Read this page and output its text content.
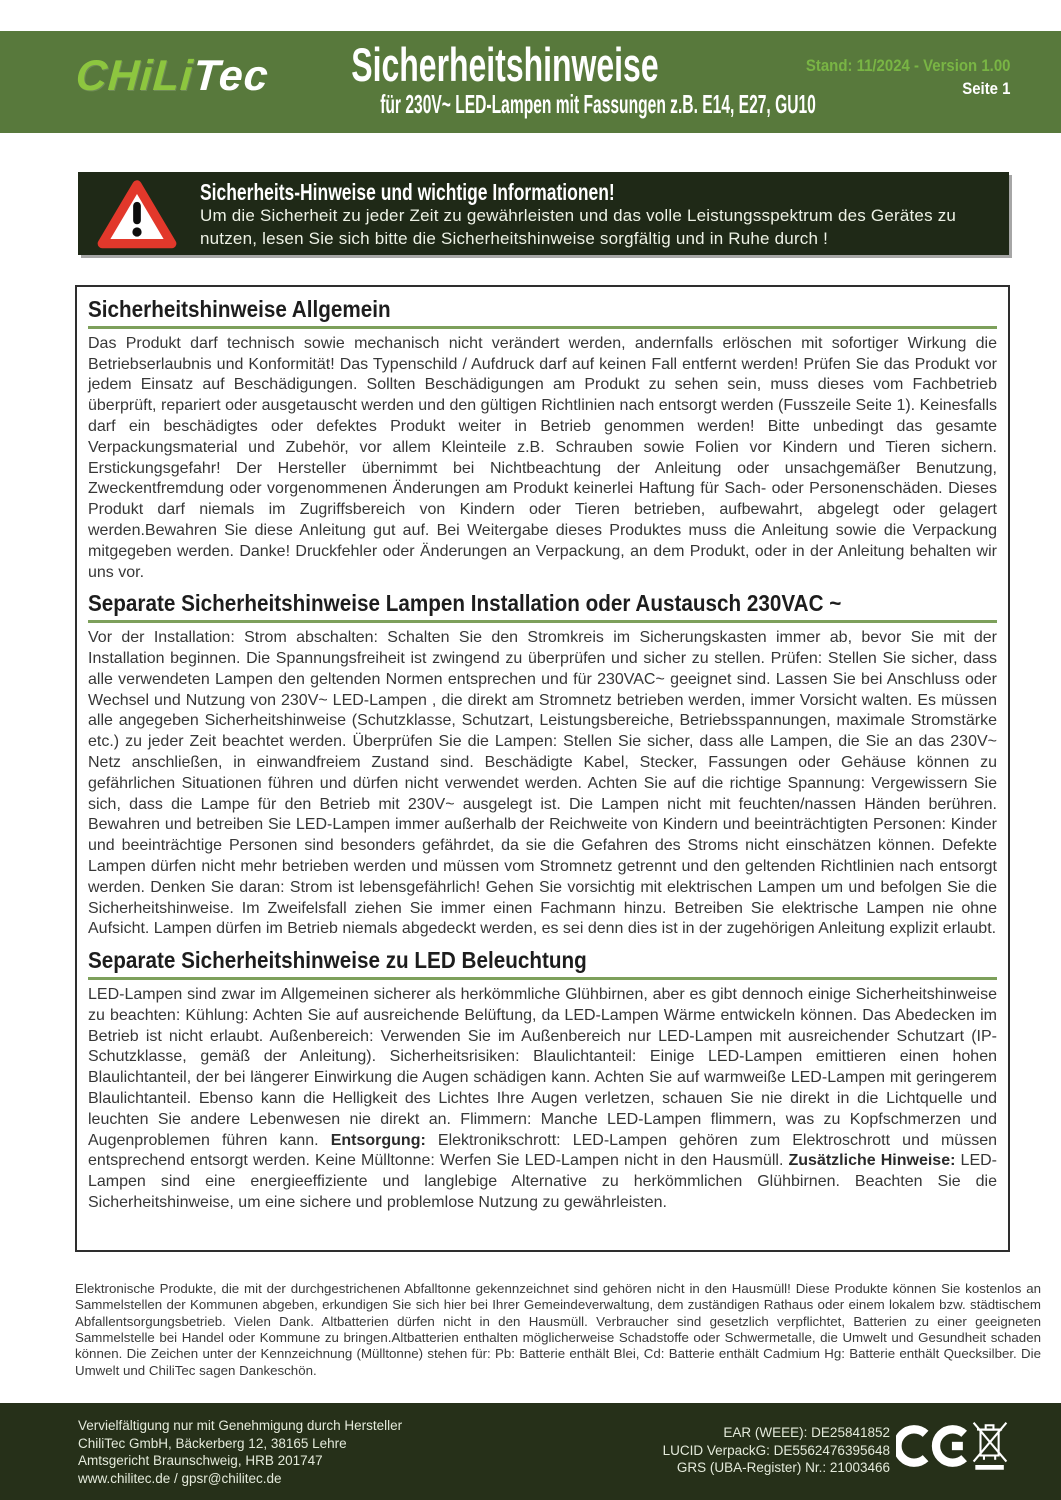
CHiLiTec	Sicherheitshinweise
für 230V~ LED-Lampen mit Fassungen z.B. E14, E27, GU10
Stand: 11/2024 - Version 1.00
Seite 1
Sicherheits-Hinweise und wichtige Informationen!
Um die Sicherheit zu jeder Zeit zu gewährleisten und das volle Leistungsspektrum des Gerätes zu nutzen, lesen Sie sich bitte die Sicherheitshinweise sorgfältig und in Ruhe durch !
Sicherheitshinweise Allgemein

Das Produkt darf technisch sowie mechanisch nicht verändert werden, andernfalls erlöschen mit sofortiger Wirkung die Betriebserlaubnis und Konformität! Das Typenschild / Aufdruck darf auf keinen Fall entfernt werden! Prüfen Sie das Produkt vor jedem Einsatz auf Beschädigungen. Sollten Beschädigungen am Produkt zu sehen sein, muss dieses vom Fachbetrieb überprüft, repariert oder ausgetauscht werden und den gültigen Richtlinien nach entsorgt werden (Fusszeile Seite 1). Keinesfalls darf ein beschädigtes oder defektes Produkt weiter in Betrieb genommen werden! Bitte unbedingt das gesamte Verpackungsmaterial und Zubehör, vor allem Kleinteile z.B. Schrauben sowie Folien vor Kindern und Tieren sichern. Erstickungsgefahr! Der Hersteller übernimmt bei Nichtbeachtung der Anleitung oder unsachgemäßer Benutzung, Zweckentfremdung oder vorgenommenen Änderungen am Produkt keinerlei Haftung für Sach- oder Personenschäden. Dieses Produkt darf niemals im Zugriffsbereich von Kindern oder Tieren betrieben, aufbewahrt, abgelegt oder gelagert werden.Bewahren Sie diese Anleitung gut auf. Bei Weitergabe dieses Produktes muss die Anleitung sowie die Verpackung mitgegeben werden. Danke! Druckfehler oder Änderungen an Verpackung, an dem Produkt, oder in der Anleitung behalten wir uns vor.

Separate Sicherheitshinweise Lampen Installation oder Austausch 230VAC ~

Vor der Installation: Strom abschalten: Schalten Sie den Stromkreis im Sicherungskasten immer ab, bevor Sie mit der Installation beginnen. Die Spannungsfreiheit ist zwingend zu überprüfen und sicher zu stellen. Prüfen: Stellen Sie sicher, dass alle verwendeten Lampen den geltenden Normen entsprechen und für 230VAC~ geeignet sind. Lassen Sie bei Anschluss oder Wechsel und Nutzung von 230V~ LED-Lampen , die direkt am Stromnetz betrieben werden, immer Vorsicht walten. Es müssen alle angegeben Sicherheitshinweise (Schutzklasse, Schutzart, Leistungsbereiche, Betriebsspannungen, maximale Stromstärke etc.) zu jeder Zeit beachtet werden. Überprüfen Sie die Lampen: Stellen Sie sicher, dass alle Lampen, die Sie an das 230V~ Netz anschließen, in einwandfreiem Zustand sind. Beschädigte Kabel, Stecker, Fassungen oder Gehäuse können zu gefährlichen Situationen führen und dürfen nicht verwendet werden. Achten Sie auf die richtige Spannung: Vergewissern Sie sich, dass die Lampe für den Betrieb mit 230V~ ausgelegt ist. Die Lampen nicht mit feuchten/nassen Händen berühren. Bewahren und betreiben Sie LED-Lampen immer außerhalb der Reichweite von Kindern und beeinträchtigten Personen: Kinder und beeinträchtige Personen sind besonders gefährdet, da sie die Gefahren des Stroms nicht einschätzen können. Defekte Lampen dürfen nicht mehr betrieben werden und müssen vom Stromnetz getrennt und den geltenden Richtlinien nach entsorgt werden. Denken Sie daran: Strom ist lebensgefährlich! Gehen Sie vorsichtig mit elektrischen Lampen um und befolgen Sie die Sicherheitshinweise. Im Zweifelsfall ziehen Sie immer einen Fachmann hinzu. Betreiben Sie elektrische Lampen nie ohne Aufsicht. Lampen dürfen im Betrieb niemals abgedeckt werden, es sei denn dies ist in der zugehörigen Anleitung explizit erlaubt.

Separate Sicherheitshinweise zu LED Beleuchtung

LED-Lampen sind zwar im Allgemeinen sicherer als herkömmliche Glühbirnen, aber es gibt dennoch einige Sicherheitshinweise zu beachten: Kühlung: Achten Sie auf ausreichende Belüftung, da LED-Lampen Wärme entwickeln können. Das Abedecken im Betrieb ist nicht erlaubt. Außenbereich: Verwenden Sie im Außenbereich nur LED-Lampen mit ausreichender Schutzart (IP-Schutzklasse, gemäß der Anleitung). Sicherheitsrisiken: Blaulichtanteil: Einige LED-Lampen emittieren einen hohen Blaulichtanteil, der bei längerer Einwirkung die Augen schädigen kann. Achten Sie auf warmweiße LED-Lampen mit geringerem Blaulichtanteil. Ebenso kann die Helligkeit des Lichtes Ihre Augen verletzen, schauen Sie nie direkt in die Lichtquelle und leuchten Sie andere Lebenwesen nie direkt an. Flimmern: Manche LED-Lampen flimmern, was zu Kopfschmerzen und Augenproblemen führen kann. Entsorgung: Elektronikschrott: LED-Lampen gehören zum Elektroschrott und müssen entsprechend entsorgt werden. Keine Mülltonne: Werfen Sie LED-Lampen nicht in den Hausmüll. Zusätzliche Hinweise: LED-Lampen sind eine energieeffiziente und langlebige Alternative zu herkömmlichen Glühbirnen. Beachten Sie die Sicherheitshinweise, um eine sichere und problemlose Nutzung zu gewährleisten.

Elektronische Produkte, die mit der durchgestrichenen Abfalltonne gekennzeichnet sind gehören nicht in den Hausmüll! Diese Produkte können Sie kostenlos an Sammelstellen der Kommunen abgeben, erkundigen Sie sich hier bei Ihrer Gemeindeverwaltung, dem zuständigen Rathaus oder einem lokalem bzw. städtischem Abfallentsorgungsbetrieb. Vielen Dank. Altbatterien dürfen nicht in den Hausmüll. Verbraucher sind gesetzlich verpflichtet, Batterien zu einer geeigneten Sammelstelle bei Handel oder Kommune zu bringen.Altbatterien enthalten möglicherweise Schadstoffe oder Schwermetalle, die Umwelt und Gesundheit schaden können. Die Zeichen unter der Kennzeichnung (Mülltonne) stehen für: Pb: Batterie enthält Blei, Cd: Batterie enthält Cadmium Hg: Batterie enthält Quecksilber. Die Umwelt und ChiliTec sagen Dankeschön.

Vervielfältigung nur mit Genehmigung durch Hersteller
ChiliTec GmbH, Bäckerberg 12, 38165 Lehre
Amtsgericht Braunschweig, HRB 201747
www.chilitec.de / gpsr@chilitec.de
EAR (WEEE): DE25841852
LUCID VerpackG: DE5562476395648
GRS (UBA-Register) Nr.: 21003466
